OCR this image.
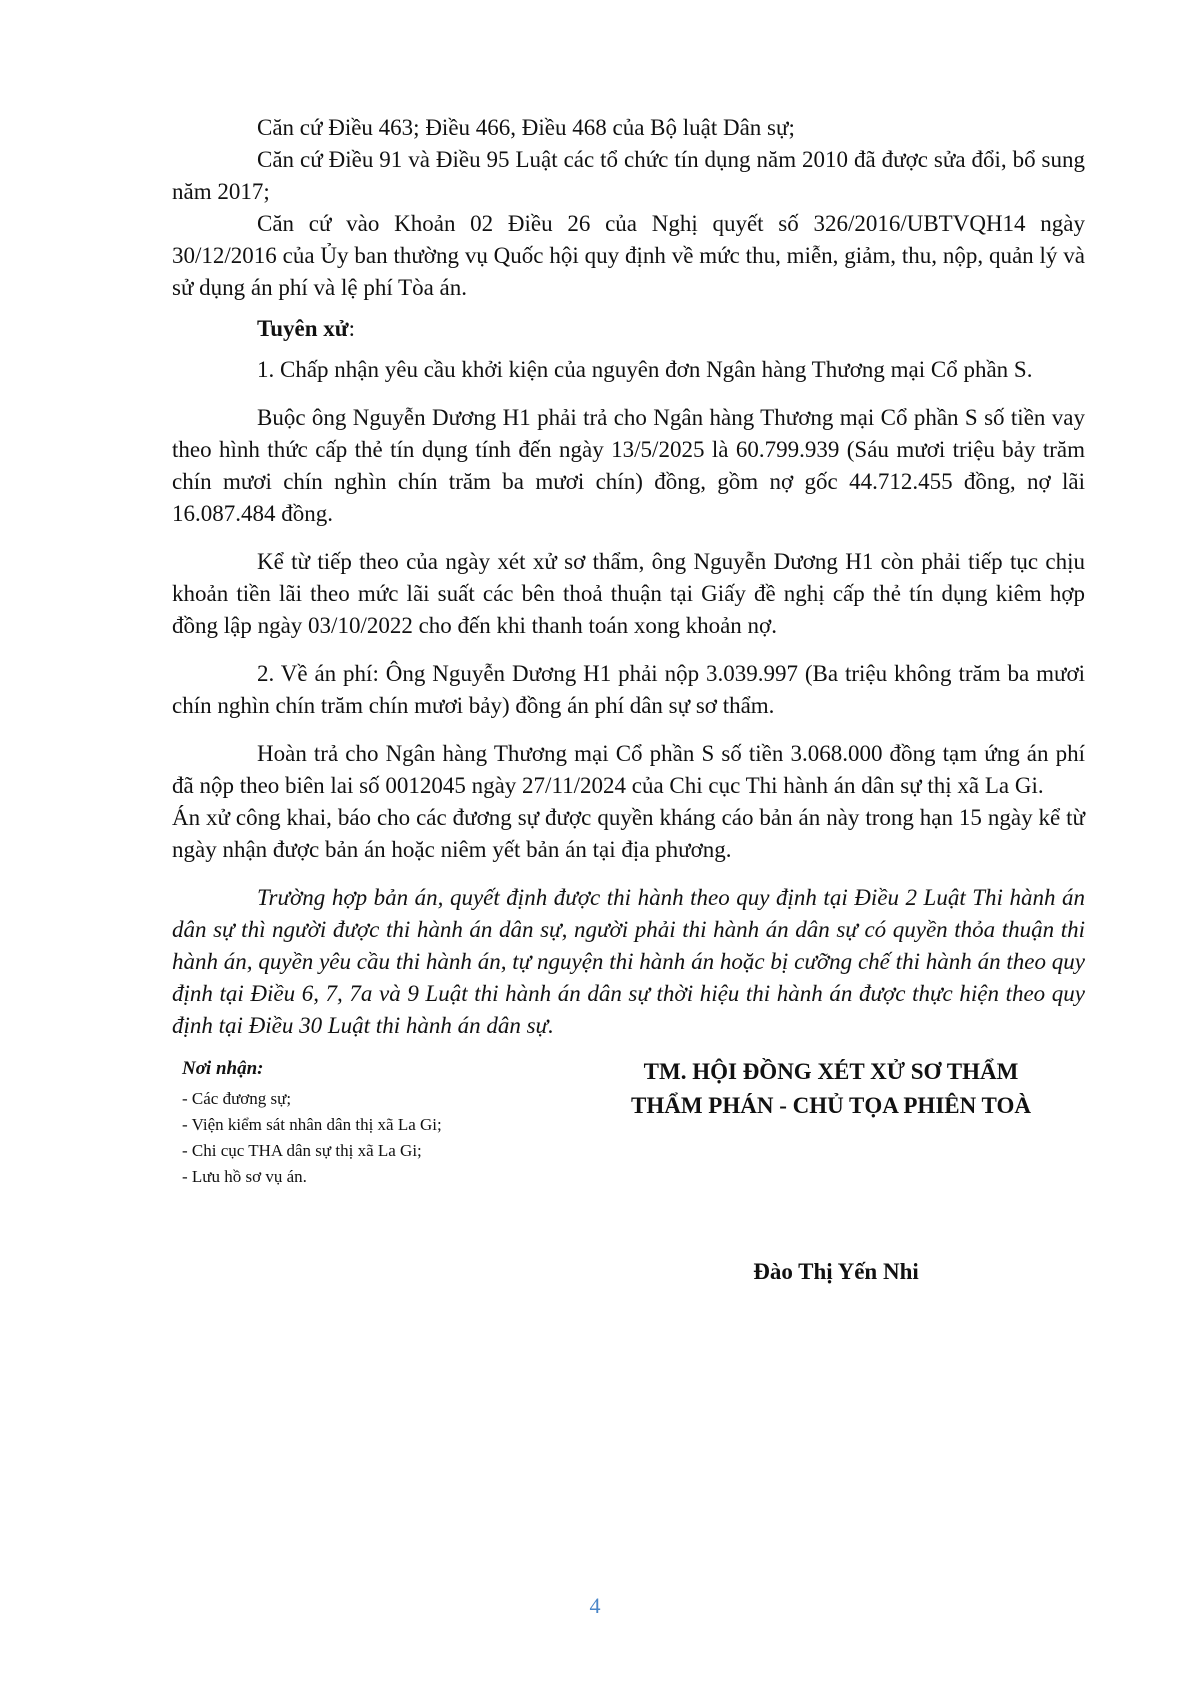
Căn cứ Điều 463; Điều 466, Điều 468 của Bộ luật Dân sự;

Căn cứ Điều 91 và Điều 95 Luật các tổ chức tín dụng năm 2010 đã được sửa đổi, bổ sung năm 2017;

Căn cứ vào Khoản 02 Điều 26 của Nghị quyết số 326/2016/UBTVQH14 ngày 30/12/2016 của Ủy ban thường vụ Quốc hội quy định về mức thu, miễn, giảm, thu, nộp, quản lý và sử dụng án phí và lệ phí Tòa án.

Tuyên xử:

1. Chấp nhận yêu cầu khởi kiện của nguyên đơn Ngân hàng Thương mại Cổ phần S.

Buộc ông Nguyễn Dương H1 phải trả cho Ngân hàng Thương mại Cổ phần S số tiền vay theo hình thức cấp thẻ tín dụng tính đến ngày 13/5/2025 là 60.799.939 (Sáu mươi triệu bảy trăm chín mươi chín nghìn chín trăm ba mươi chín) đồng, gồm nợ gốc 44.712.455 đồng, nợ lãi 16.087.484 đồng.

Kể từ tiếp theo của ngày xét xử sơ thẩm, ông Nguyễn Dương H1 còn phải tiếp tục chịu khoản tiền lãi theo mức lãi suất các bên thoả thuận tại Giấy đề nghị cấp thẻ tín dụng kiêm hợp đồng lập ngày 03/10/2022 cho đến khi thanh toán xong khoản nợ.

2. Về án phí: Ông Nguyễn Dương H1 phải nộp 3.039.997 (Ba triệu không trăm ba mươi chín nghìn chín trăm chín mươi bảy) đồng án phí dân sự sơ thẩm.

Hoàn trả cho Ngân hàng Thương mại Cổ phần S số tiền 3.068.000 đồng tạm ứng án phí đã nộp theo biên lai số 0012045 ngày 27/11/2024 của Chi cục Thi hành án dân sự thị xã La Gi.

Án xử công khai, báo cho các đương sự được quyền kháng cáo bản án này trong hạn 15 ngày kể từ ngày nhận được bản án hoặc niêm yết bản án tại địa phương.

Trường hợp bản án, quyết định được thi hành theo quy định tại Điều 2 Luật Thi hành án dân sự thì người được thi hành án dân sự, người phải thi hành án dân sự có quyền thỏa thuận thi hành án, quyền yêu cầu thi hành án, tự nguyện thi hành án hoặc bị cưỡng chế thi hành án theo quy định tại Điều 6, 7, 7a và 9 Luật thi hành án dân sự thời hiệu thi hành án được thực hiện theo quy định tại Điều 30 Luật thi hành án dân sự.

Nơi nhận:
- Các đương sự;
- Viện kiểm sát nhân dân thị xã La Gi;
- Chi cục THA dân sự thị xã La Gi;
- Lưu hồ sơ vụ án.
TM. HỘI ĐỒNG XÉT XỬ SƠ THẨM
THẨM PHÁN - CHỦ TỌA PHIÊN TOÀ
Đào Thị Yến Nhi
4
